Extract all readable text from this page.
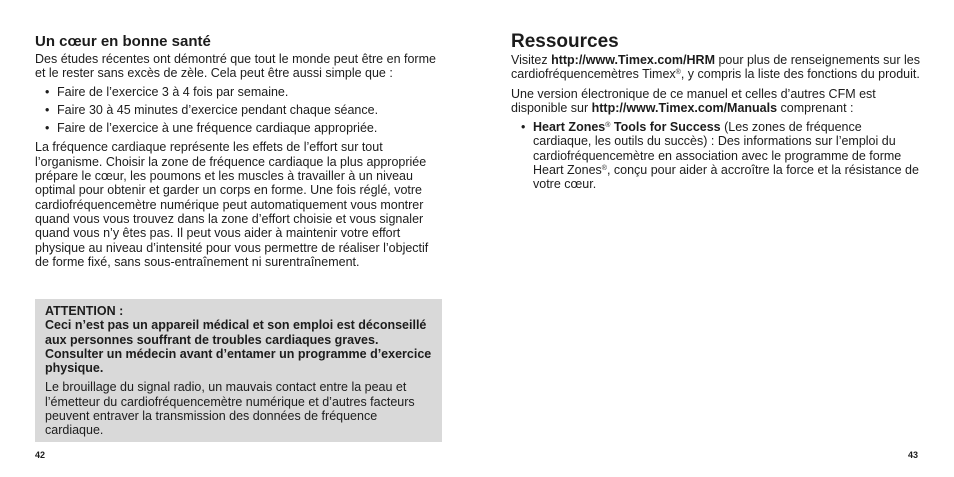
Un cœur en bonne santé

Des études récentes ont démontré que tout le monde peut être en forme et le rester sans excès de zèle. Cela peut être aussi simple que :

• Faire de l’exercice 3 à 4 fois par semaine.
• Faire 30 à 45 minutes d’exercice pendant chaque séance.
• Faire de l’exercice à une fréquence cardiaque appropriée.

La fréquence cardiaque représente les effets de l’effort sur tout l’organisme. Choisir la zone de fréquence cardiaque la plus appropriée prépare le cœur, les poumons et les muscles à travailler à un niveau optimal pour obtenir et garder un corps en forme. Une fois réglé, votre cardiofréquencemètre numérique peut automatiquement vous montrer quand vous vous trouvez dans la zone d’effort choisie et vous signaler quand vous n’y êtes pas. Il peut vous aider à maintenir votre effort physique au niveau d’intensité pour vous permettre de réaliser l’objectif de forme fixé, sans sous-entraînement ni surentraînement.

ATTENTION :

Ceci n’est pas un appareil médical et son emploi est déconseillé aux personnes souffrant de troubles cardiaques graves. Consulter un médecin avant d’entamer un programme d’exercice physique.

Le brouillage du signal radio, un mauvais contact entre la peau et l’émetteur du cardiofréquencemètre numérique et d’autres facteurs peuvent entraver la transmission des données de fréquence cardiaque.

42
Ressources

Visitez http://www.Timex.com/HRM pour plus de renseignements sur les cardiofréquencemètres Timex®, y compris la liste des fonctions du produit.

Une version électronique de ce manuel et celles d’autres CFM est disponible sur http://www.Timex.com/Manuals comprenant :

• Heart Zones® Tools for Success (Les zones de fréquence cardiaque, les outils du succès) : Des informations sur l’emploi du cardiofréquencemètre en association avec le programme de forme Heart Zones®, conçu pour aider à accroître la force et la résistance de votre cœur.
43
